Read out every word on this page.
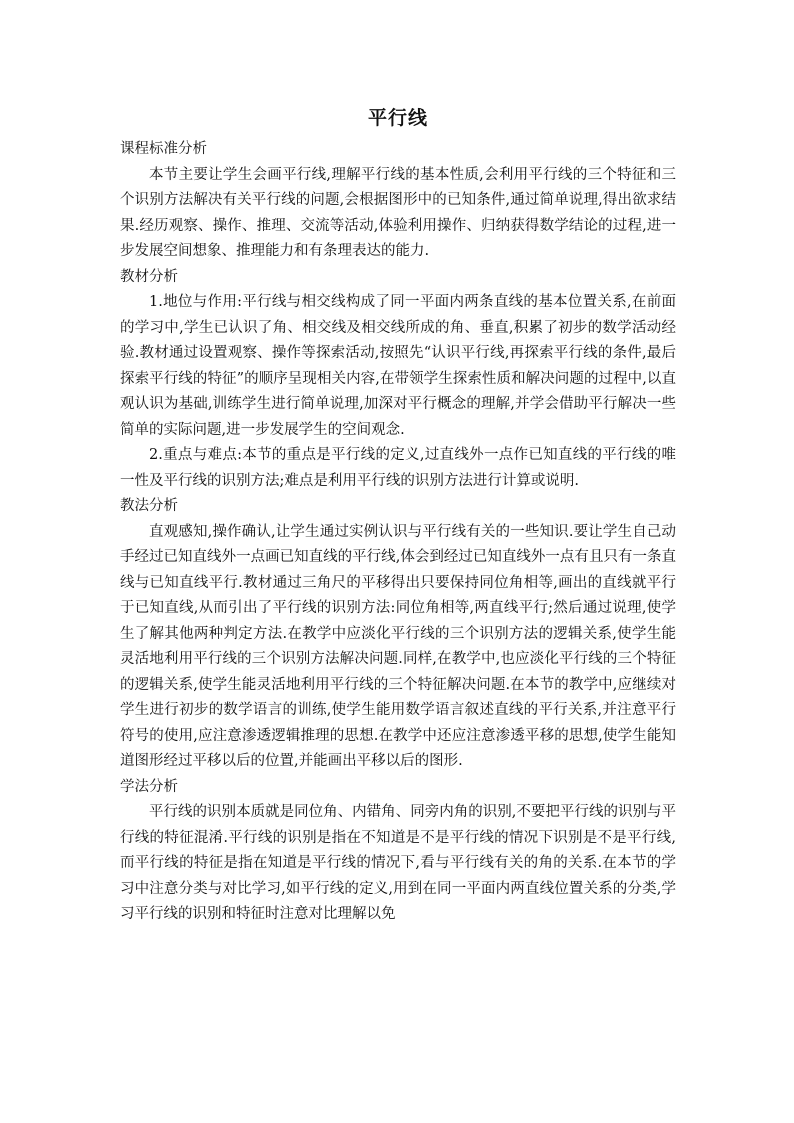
平行线
课程标准分析

本节主要让学生会画平行线,理解平行线的基本性质,会利用平行线的三个特征和三个识别方法解决有关平行线的问题,会根据图形中的已知条件,通过简单说理,得出欲求结果.经历观察、操作、推理、交流等活动,体验利用操作、归纳获得数学结论的过程,进一步发展空间想象、推理能力和有条理表达的能力.

教材分析

1.地位与作用:平行线与相交线构成了同一平面内两条直线的基本位置关系,在前面的学习中,学生已认识了角、相交线及相交线所成的角、垂直,积累了初步的数学活动经验.教材通过设置观察、操作等探索活动,按照先“认识平行线,再探索平行线的条件,最后探索平行线的特征”的顺序呈现相关内容,在带领学生探索性质和解决问题的过程中,以直观认识为基础,训练学生进行简单说理,加深对平行概念的理解,并学会借助平行解决一些简单的实际问题,进一步发展学生的空间观念.

2.重点与难点:本节的重点是平行线的定义,过直线外一点作已知直线的平行线的唯一性及平行线的识别方法;难点是利用平行线的识别方法进行计算或说明.

教法分析

直观感知,操作确认,让学生通过实例认识与平行线有关的一些知识.要让学生自己动手经过已知直线外一点画已知直线的平行线,体会到经过已知直线外一点有且只有一条直线与已知直线平行.教材通过三角尺的平移得出只要保持同位角相等,画出的直线就平行于已知直线,从而引出了平行线的识别方法:同位角相等,两直线平行;然后通过说理,使学生了解其他两种判定方法.在教学中应淡化平行线的三个识别方法的逻辑关系,使学生能灵活地利用平行线的三个识别方法解决问题.同样,在教学中,也应淡化平行线的三个特征的逻辑关系,使学生能灵活地利用平行线的三个特征解决问题.在本节的教学中,应继续对学生进行初步的数学语言的训练,使学生能用数学语言叙述直线的平行关系,并注意平行符号的使用,应注意渗透逻辑推理的思想.在教学中还应注意渗透平移的思想,使学生能知道图形经过平移以后的位置,并能画出平移以后的图形.

学法分析

平行线的识别本质就是同位角、内错角、同旁内角的识别,不要把平行线的识别与平行线的特征混淆.平行线的识别是指在不知道是不是平行线的情况下识别是不是平行线,而平行线的特征是指在知道是平行线的情况下,看与平行线有关的角的关系.在本节的学习中注意分类与对比学习,如平行线的定义,用到在同一平面内两直线位置关系的分类,学习平行线的识别和特征时注意对比理解以免
